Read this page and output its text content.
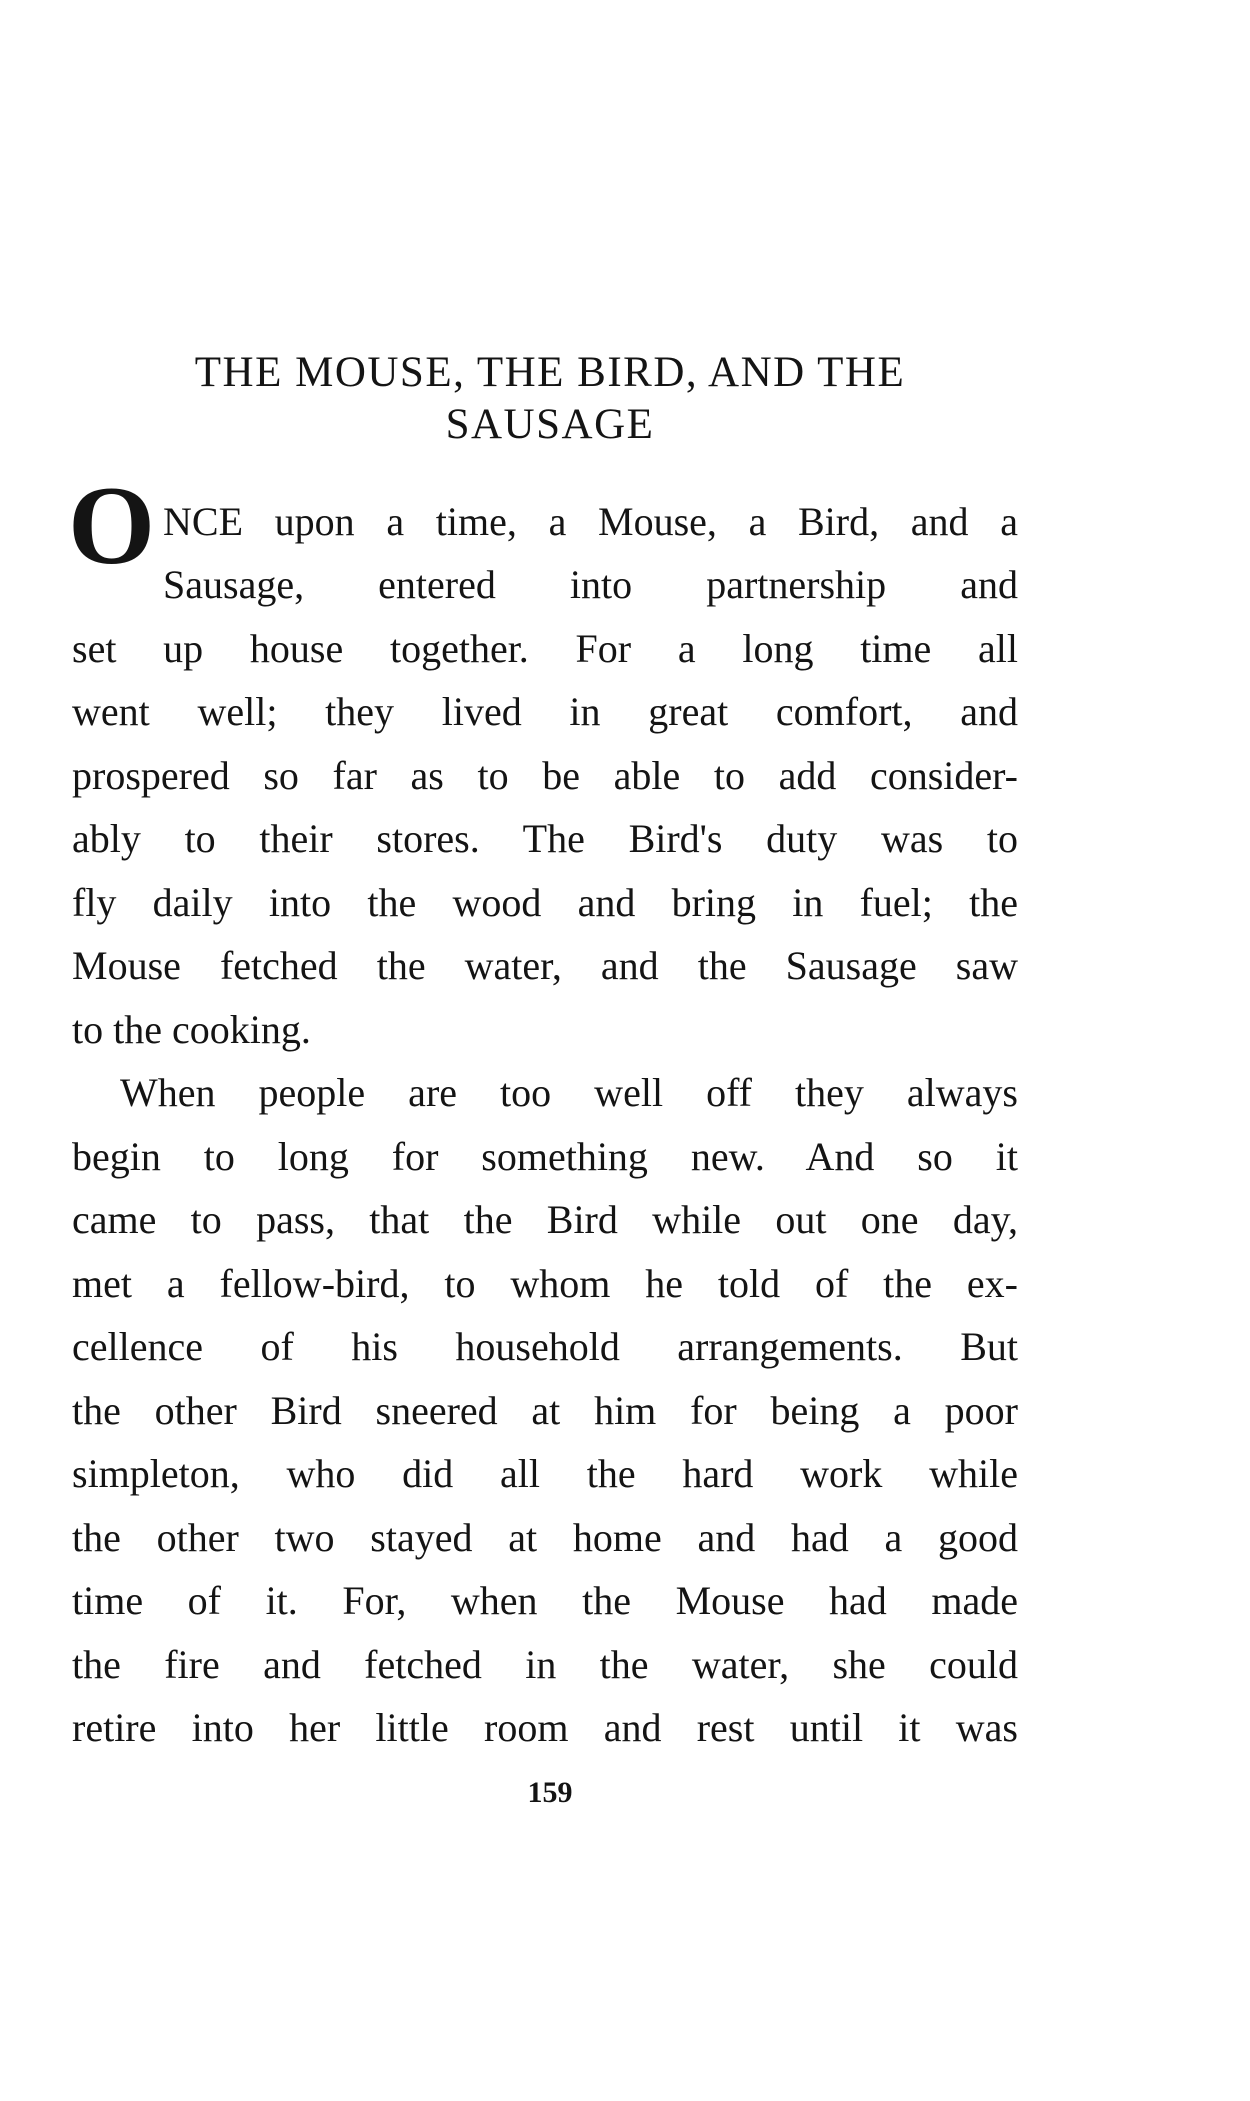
THE MOUSE, THE BIRD, AND THE
SAUSAGE
O NCE upon a time, a Mouse, a Bird, and a
Sausage, entered into partnership and
set up house together. For a long time all
went well; they lived in great comfort, and
prospered so far as to be able to add consider-
ably to their stores. The Bird's duty was to
fly daily into the wood and bring in fuel; the
Mouse fetched the water, and the Sausage saw
to the cooking.
When people are too well off they always
begin to long for something new. And so it
came to pass, that the Bird while out one day,
met a fellow-bird, to whom he told of the ex-
cellence of his household arrangements. But
the other Bird sneered at him for being a poor
simpleton, who did all the hard work while
the other two stayed at home and had a good
time of it. For, when the Mouse had made
the fire and fetched in the water, she could
retire into her little room and rest until it was
159
